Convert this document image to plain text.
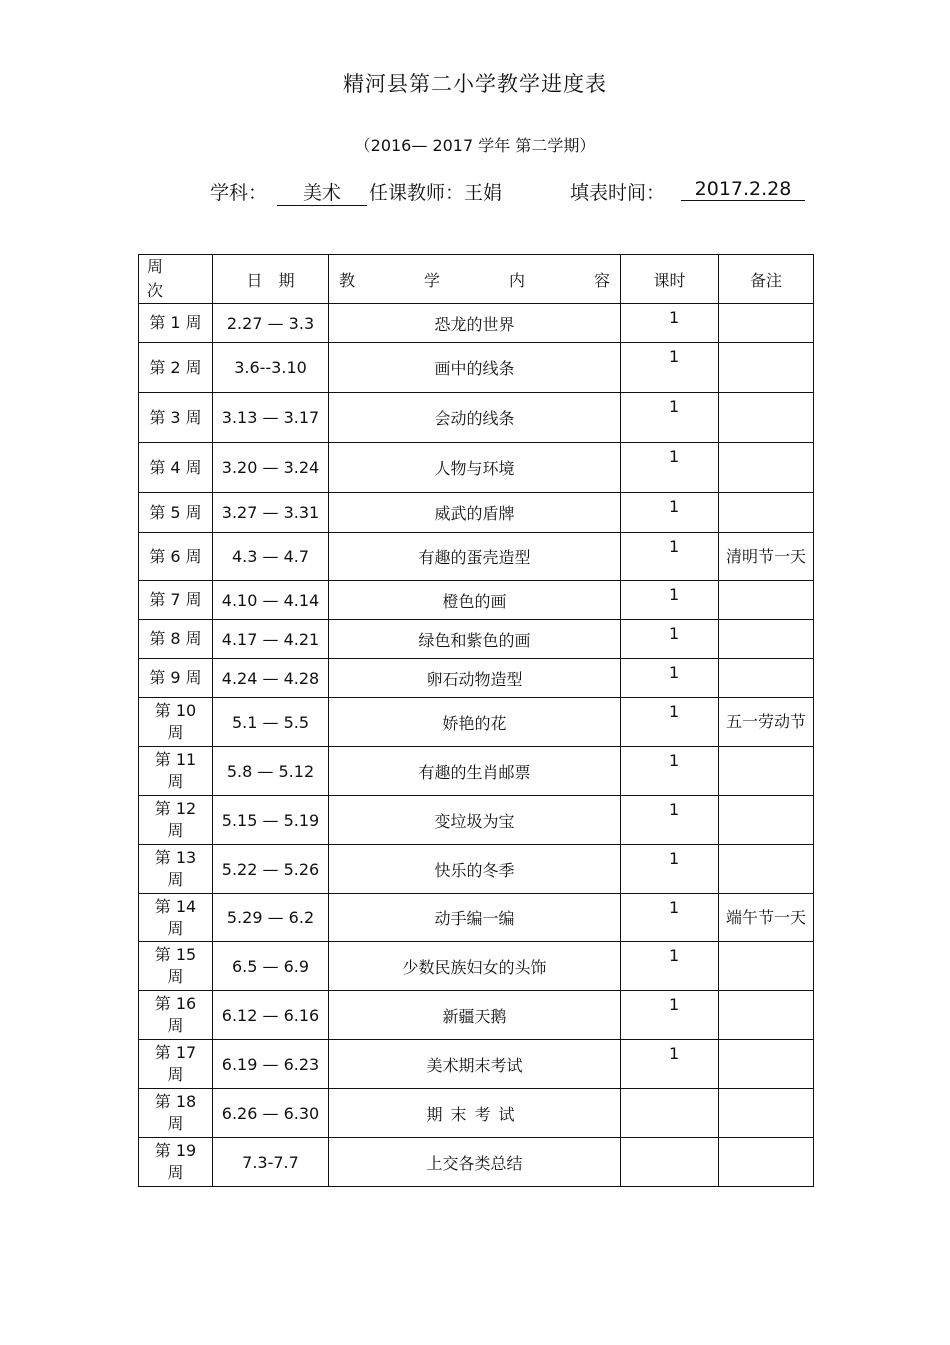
精河县第二小学教学进度表
（2016— 2017 学年 第二学期）
学科：	美术	任课教师：王娟	填表时间：	2017.2.28
周
次	日　期	教学内容	课时	备注
第 1 周	2.27 — 3.3	恐龙的世界	1	
第 2 周	3.6--3.10	画中的线条	1	
第 3 周	3.13 — 3.17	会动的线条	1	
第 4 周	3.20 — 3.24	人物与环境	1	
第 5 周	3.27 — 3.31	威武的盾牌	1	
第 6 周	4.3 — 4.7	有趣的蛋壳造型	1	清明节一天
第 7 周	4.10 — 4.14	橙色的画	1	
第 8 周	4.17 — 4.21	绿色和紫色的画	1	
第 9 周	4.24 — 4.28	卵石动物造型	1	
第 10 周	5.1 — 5.5	娇艳的花	1	五一劳动节
第 11 周	5.8 — 5.12	有趣的生肖邮票	1	
第 12 周	5.15 — 5.19	变垃圾为宝	1	
第 13 周	5.22 — 5.26	快乐的冬季	1	
第 14 周	5.29 — 6.2	动手编一编	1	端午节一天
第 15 周	6.5 — 6.9	少数民族妇女的头饰	1	
第 16 周	6.12 — 6.16	新疆天鹅	1	
第 17 周	6.19 — 6.23	美术期末考试	1	
第 18 周	6.26 — 6.30	期末考试		
第 19 周	7.3-7.7	上交各类总结		
